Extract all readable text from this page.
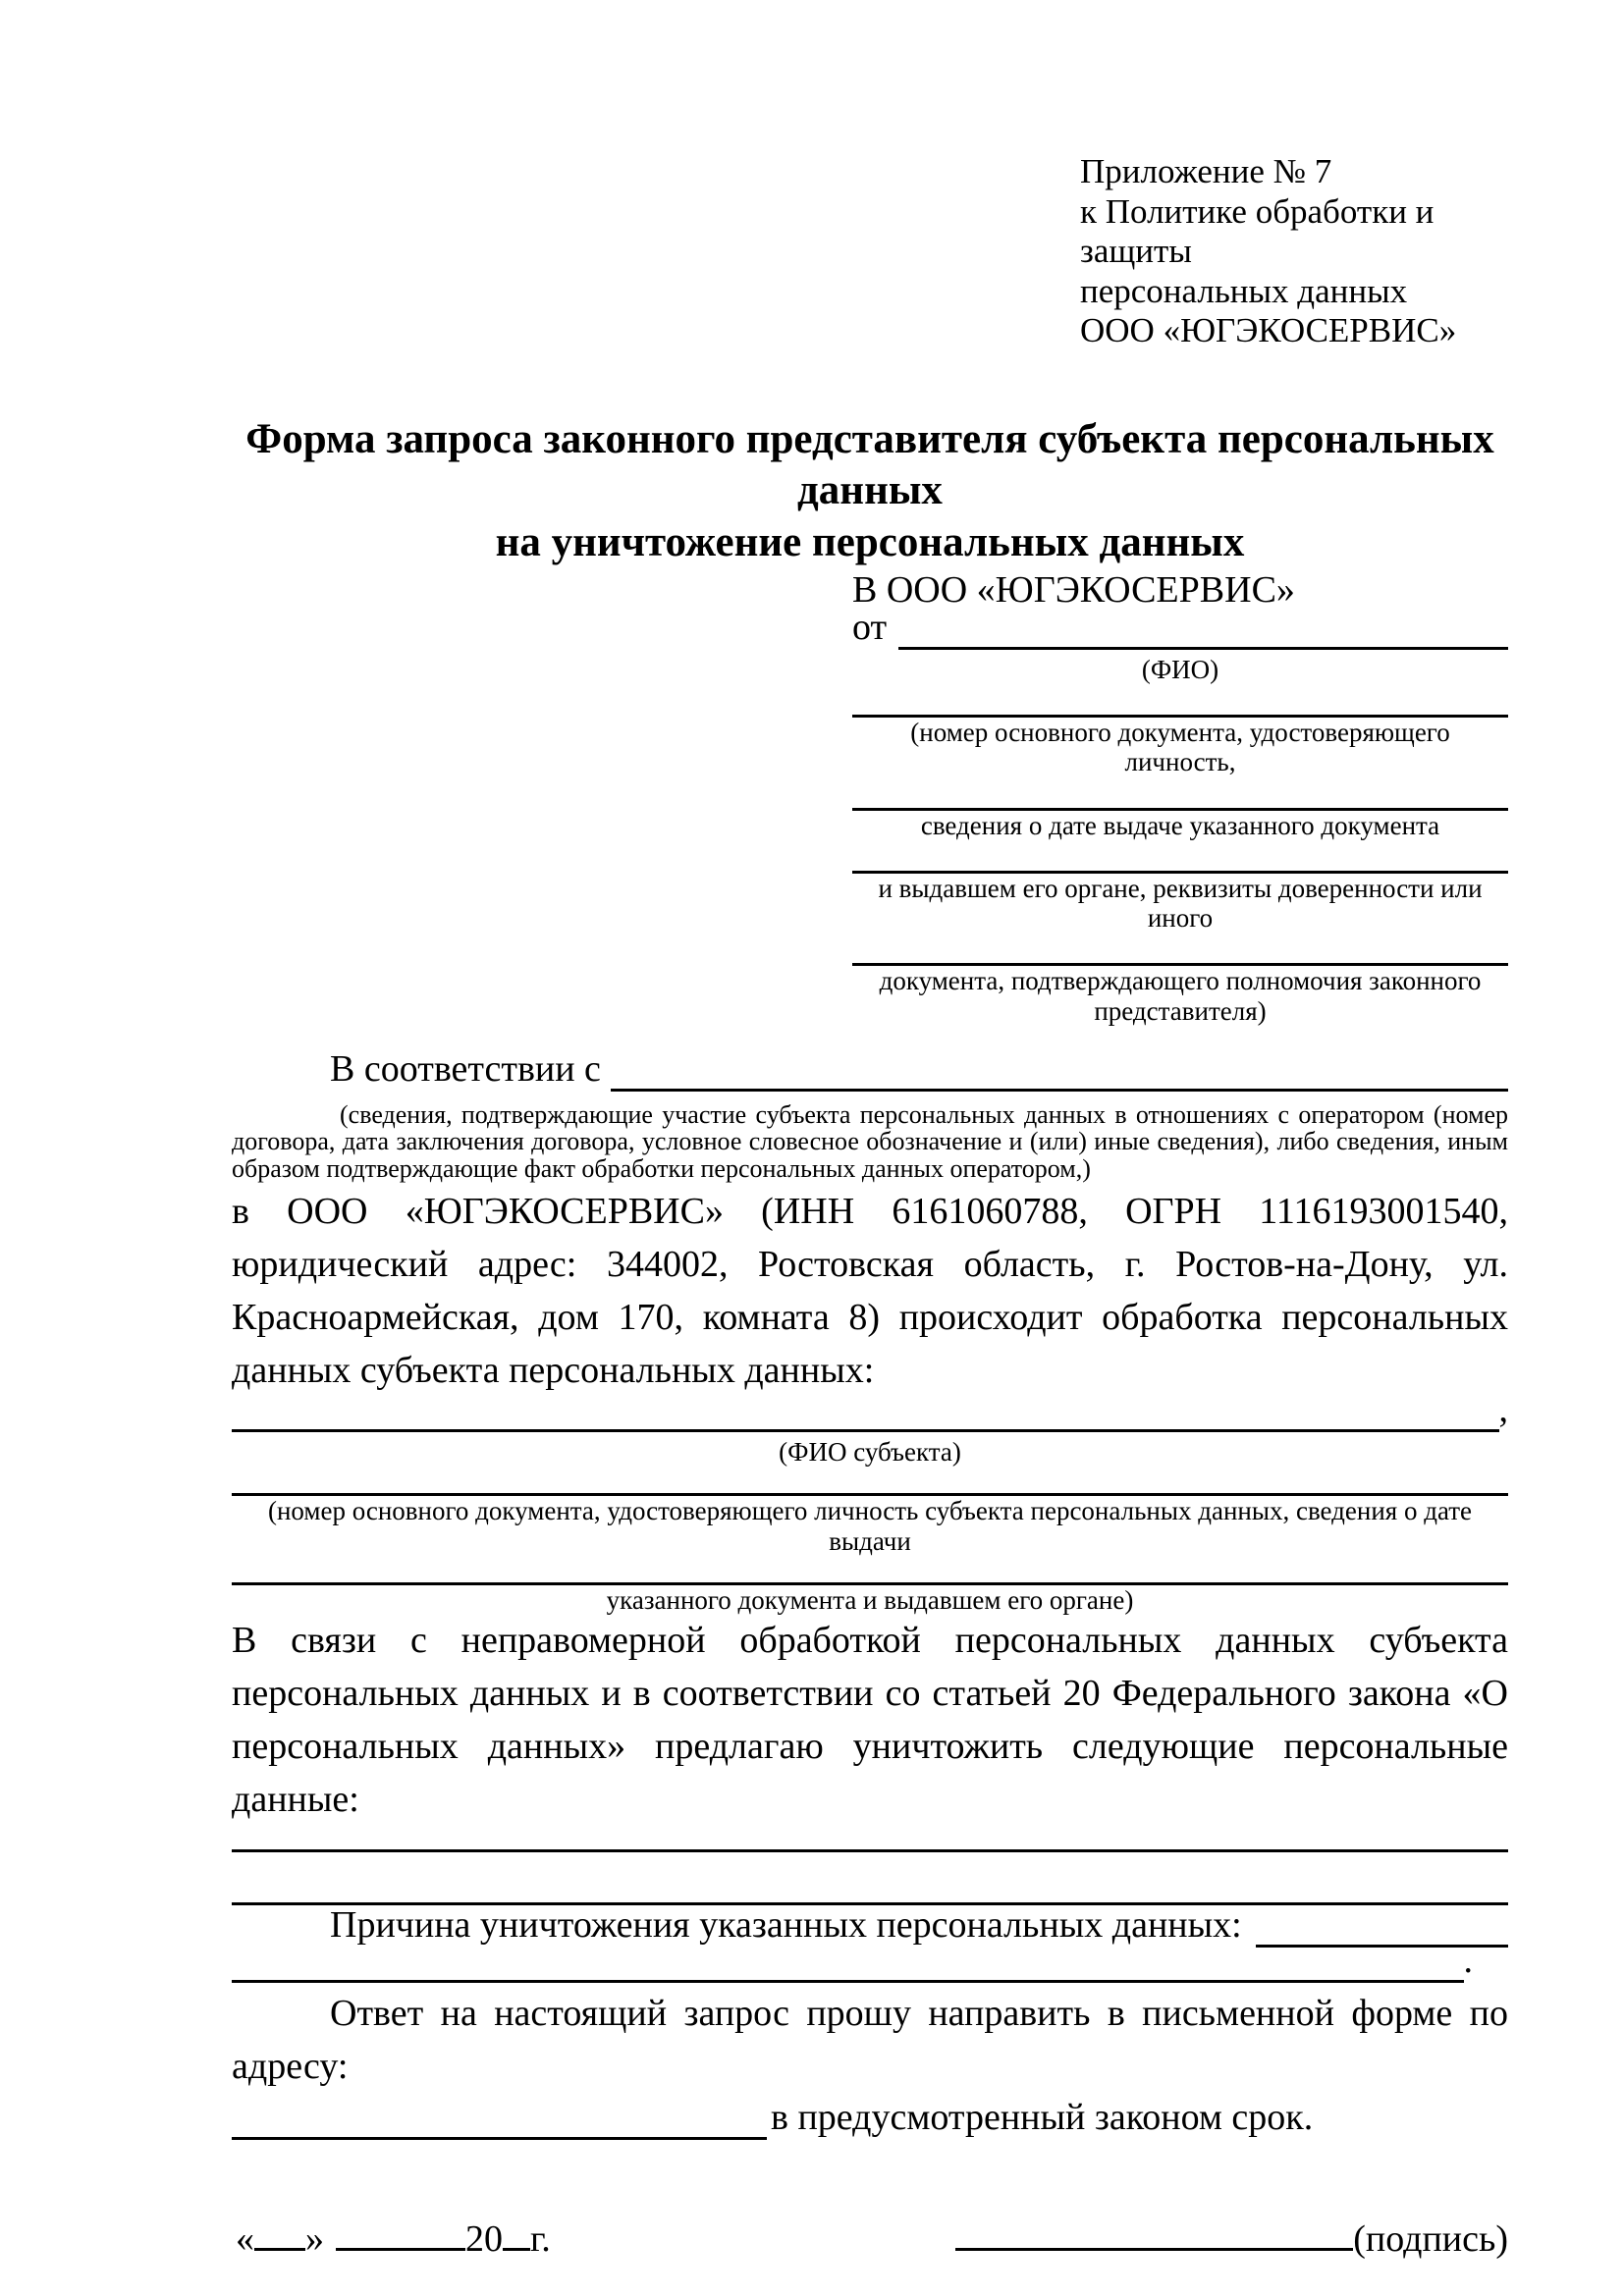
Приложение № 7
к Политике обработки и защиты
персональных данных
ООО «ЮГЭКОСЕРВИС»
Форма запроса законного представителя субъекта персональных данных
на уничтожение персональных данных
В ООО «ЮГЭКОСЕРВИС»
от
(ФИО)
(номер основного документа, удостоверяющего личность,
сведения о дате выдаче указанного документа
и выдавшем его органе, реквизиты доверенности или иного
документа, подтверждающего полномочия законного представителя)
В соответствии с
(сведения, подтверждающие участие субъекта персональных данных в отношениях с оператором (номер договора, дата заключения договора, условное словесное обозначение и (или) иные сведения), либо сведения, иным образом подтверждающие факт обработки персональных данных оператором,)
в ООО «ЮГЭКОСЕРВИС» (ИНН 6161060788, ОГРН 1116193001540, юридический адрес: 344002, Ростовская область, г. Ростов-на-Дону, ул. Красноармейская, дом 170, комната 8) происходит обработка персональных данных субъекта персональных данных:
,
(ФИО субъекта)
(номер основного документа, удостоверяющего личность субъекта персональных данных, сведения о дате выдачи
указанного документа и выдавшем его органе)
В связи с неправомерной обработкой персональных данных субъекта персональных данных и в соответствии со статьей 20 Федерального закона «О персональных данных» предлагаю уничтожить следующие персональные данные:
Причина уничтожения указанных персональных данных:
.
Ответ на настоящий запрос прошу направить в письменной форме по адресу:
в предусмотренный законом срок.
« »	20 г.	(подпись)
